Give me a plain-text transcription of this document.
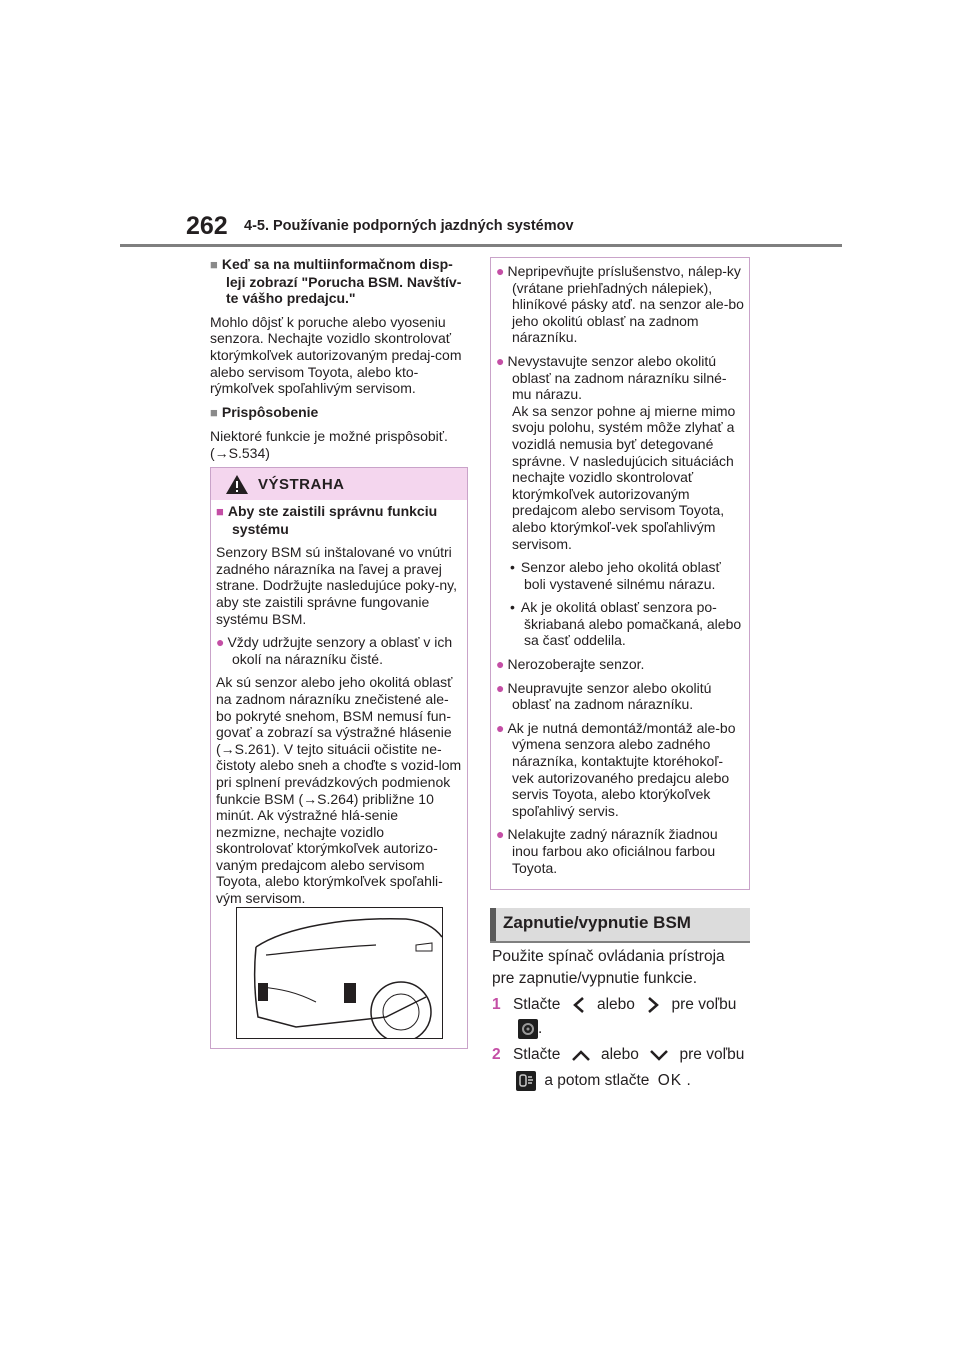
262 4-5. Používanie podporných jazdných systémov

■ Keď sa na multiinformačnom disp-leji zobrazí "Porucha BSM. Navštív-te vášho predajcu."

Mohlo dôjsť k poruche alebo vyoseniu senzora. Nechajte vozidlo skontrolovať ktorýmkoľvek autorizovaným predaj-com alebo servisom Toyota, alebo kto-rýmkoľvek spoľahlivým servisom.

■ Prispôsobenie

Niektoré funkcie je možné prispôsobiť. (→S.534)

VÝSTRAHA

■ Aby ste zaistili správnu funkciu systému

Senzory BSM sú inštalované vo vnútri zadného nárazníka na ľavej a pravej strane. Dodržujte nasledujúce poky-ny, aby ste zaistili správne fungovanie systému BSM.

● Vždy udržujte senzory a oblasť v ich okolí na nárazníku čisté.

Ak sú senzor alebo jeho okolitá oblasť na zadnom nárazníku znečistené ale-bo pokryté snehom, BSM nemusí fun-govať a zobrazí sa výstražné hlásenie (→S.261). V tejto situácii očistite ne-čistoty alebo sneh a choďte s vozid-lom pri splnení prevádzkových podmienok funkcie BSM (→S.264) približne 10 minút. Ak výstražné hlá-senie nezmizne, nechajte vozidlo skontrolovať ktorýmkoľvek autorizo-vaným predajcom alebo servisom Toyota, alebo ktorýmkoľvek spoľahli-vým servisom.

● Nepripevňujte príslušenstvo, nálep-ky (vrátane priehľadných nálepiek), hliníkové pásky atď. na senzor ale-bo jeho okolitú oblasť na zadnom nárazníku.

● Nevystavujte senzor alebo okolitú oblasť na zadnom nárazníku silné-mu nárazu.

Ak sa senzor pohne aj mierne mimo svoju polohu, systém môže zlyhať a vozidlá nemusia byť detegované správne. V nasledujúcich situáciách nechajte vozidlo skontrolovať ktorýmkoľvek autorizovaným predajcom alebo servisom Toyota, alebo ktorýmkoľ-vek spoľahlivým servisom.

• Senzor alebo jeho okolitá oblasť boli vystavené silnému nárazu.

• Ak je okolitá oblasť senzora po-škriabaná alebo pomačkaná, alebo sa časť oddelila.

● Nerozoberajte senzor.

● Neupravujte senzor alebo okolitú oblasť na zadnom nárazníku.

● Ak je nutná demontáž/montáž ale-bo výmena senzora alebo zadného nárazníka, kontaktujte ktoréhokoľ-vek autorizovaného predajcu alebo servis Toyota, alebo ktorýkoľvek spoľahlivý servis.

● Nelakujte zadný nárazník žiadnou inou farbou ako oficiálnou farbou Toyota.

Zapnutie/vypnutie BSM
Použite spínač ovládania prístroja pre zapnutie/vypnutie funkcie.
1 Stlačte alebo pre voľbu
.
2 Stlačte	alebo	pre voľbu
a potom stlačte OK .
